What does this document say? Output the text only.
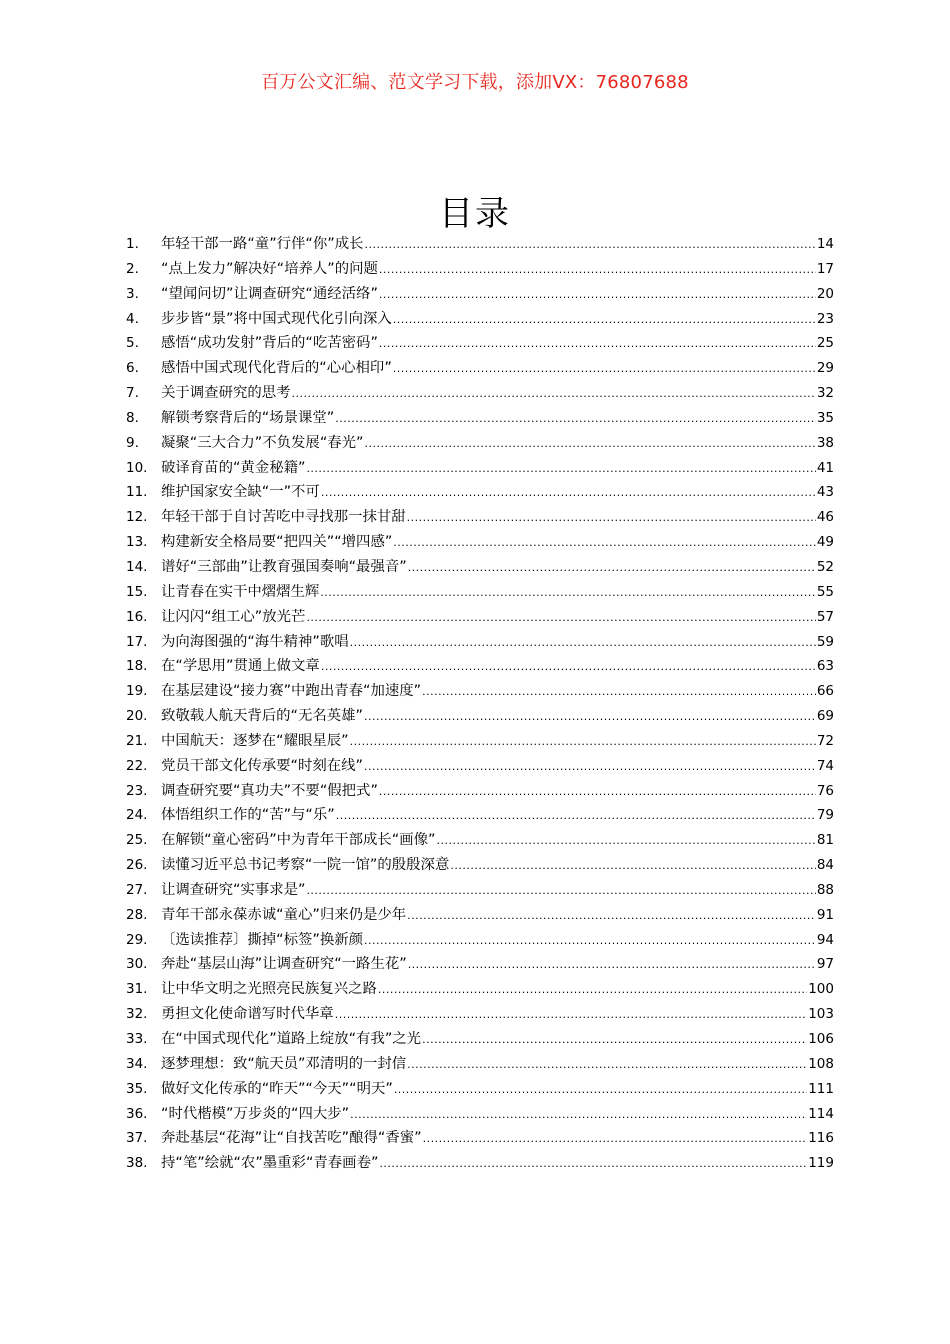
百万公文汇编、范文学习下载，添加VX：76807688
目录
1.	年轻干部一路“童”行伴“你”成长 .....	14
2.	“点上发力”解决好“培养人”的问题 .....	17
3.	“望闻问切”让调查研究“通经活络” .....	20
4.	步步皆“景”将中国式现代化引向深入 .....	23
5.	感悟“成功发射”背后的“吃苦密码” .....	25
6.	感悟中国式现代化背后的“心心相印” .....	29
7.	关于调查研究的思考 .....	32
8.	解锁考察背后的“场景课堂” .....	35
9.	凝聚“三大合力”不负发展“春光” .....	38
10. 破译育苗的“黄金秘籍” .....	41
11. 维护国家安全缺“一”不可 .....	43
12. 年轻干部于自讨苦吃中寻找那一抹甘甜 .....	46
13. 构建新安全格局要“把四关”“增四感” .....	49
14. 谱好“三部曲”让教育强国奏响“最强音” .....	52
15. 让青春在实干中熠熠生辉 .....	55
16. 让闪闪“组工心”放光芒 .....	57
17. 为向海图强的“海牛精神”歌唱 .....	59
18. 在“学思用”贯通上做文章 .....	63
19. 在基层建设“接力赛”中跑出青春“加速度” .....	66
20. 致敬载人航天背后的“无名英雄” .....	69
21. 中国航天：逐梦在“耀眼星辰” .....	72
22. 党员干部文化传承要“时刻在线” .....	74
23. 调查研究要“真功夫”不要“假把式” .....	76
24. 体悟组织工作的“苦”与“乐” .....	79
25. 在解锁“童心密码”中为青年干部成长“画像” .....	81
26. 读懂习近平总书记考察“一院一馆”的殷殷深意 .....	84
27. 让调查研究“实事求是” .....	88
28. 青年干部永葆赤诚“童心”归来仍是少年 .....	91
29. 〔选读推荐〕撕掉“标签”换新颜 .....	94
30. 奔赴“基层山海”让调查研究“一路生花” .....	97
31. 让中华文明之光照亮民族复兴之路 .....	100
32. 勇担文化使命谱写时代华章 .....	103
33. 在“中国式现代化”道路上绽放“有我”之光 .....	106
34. 逐梦理想：致“航天员”邓清明的一封信 .....	108
35. 做好文化传承的“昨天”“今天”“明天” .....	111
36. “时代楷模”万步炎的“四大步” .....	114
37. 奔赴基层“花海”让“自找苦吃”酿得“香蜜” .....	116
38. 持“笔”绘就“农”墨重彩“青春画卷” .....	119
